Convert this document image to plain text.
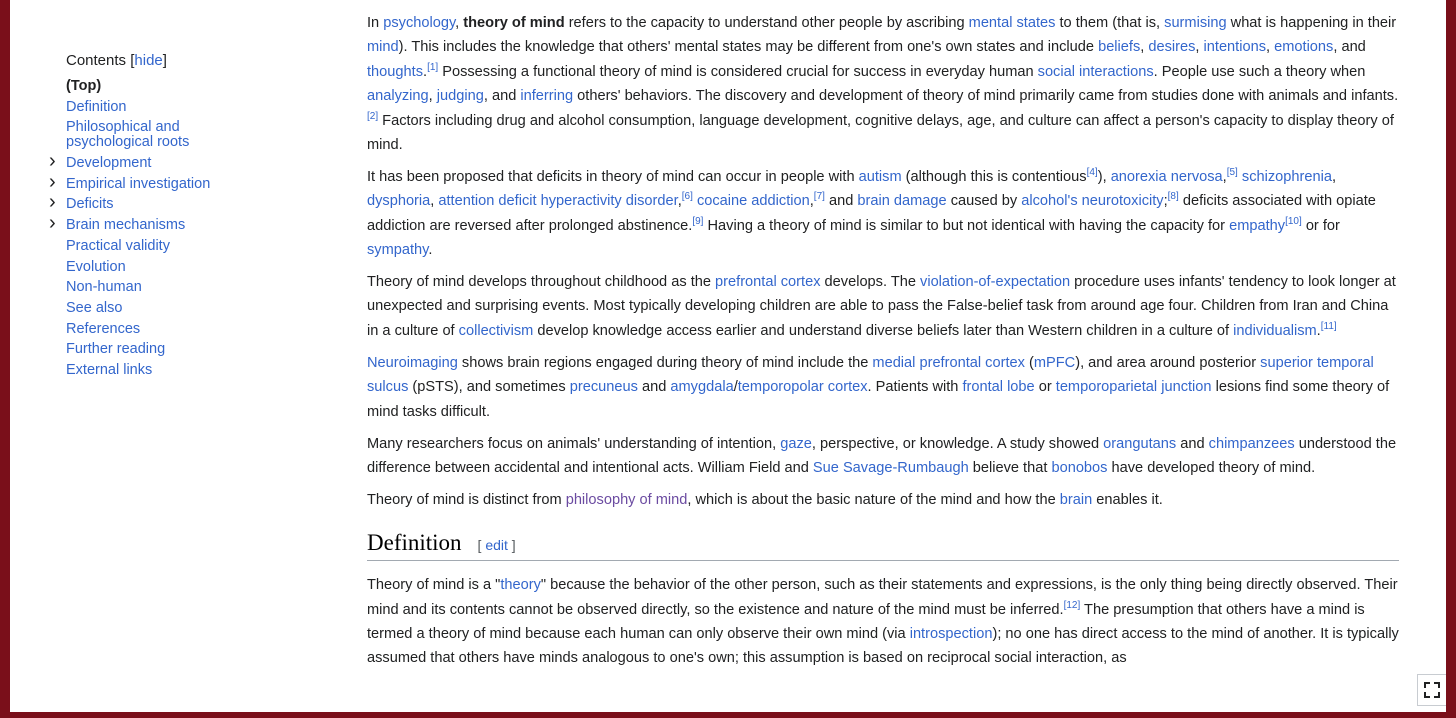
Contents [hide]
(Top)
Definition
Philosophical and psychological roots
› Development
› Empirical investigation
› Deficits
› Brain mechanisms
Practical validity
Evolution
Non-human
See also
References
Further reading
External links

In psychology, theory of mind refers to the capacity to understand other people by ascribing mental states to them (that is, surmising what is happening in their mind). This includes the knowledge that others' mental states may be different from one's own states and include beliefs, desires, intentions, emotions, and thoughts.[1] Possessing a functional theory of mind is considered crucial for success in everyday human social interactions. People use such a theory when analyzing, judging, and inferring others' behaviors. The discovery and development of theory of mind primarily came from studies done with animals and infants.[2] Factors including drug and alcohol consumption, language development, cognitive delays, age, and culture can affect a person's capacity to display theory of mind.

It has been proposed that deficits in theory of mind can occur in people with autism (although this is contentious[4]), anorexia nervosa,[5] schizophrenia, dysphoria, attention deficit hyperactivity disorder,[6] cocaine addiction,[7] and brain damage caused by alcohol's neurotoxicity;[8] deficits associated with opiate addiction are reversed after prolonged abstinence.[9] Having a theory of mind is similar to but not identical with having the capacity for empathy[10] or for sympathy.

Theory of mind develops throughout childhood as the prefrontal cortex develops. The violation-of-expectation procedure uses infants' tendency to look longer at unexpected and surprising events. Most typically developing children are able to pass the False-belief task from around age four. Children from Iran and China in a culture of collectivism develop knowledge access earlier and understand diverse beliefs later than Western children in a culture of individualism.[11]

Neuroimaging shows brain regions engaged during theory of mind include the medial prefrontal cortex (mPFC), and area around posterior superior temporal sulcus (pSTS), and sometimes precuneus and amygdala/temporopolar cortex. Patients with frontal lobe or temporoparietal junction lesions find some theory of mind tasks difficult.

Many researchers focus on animals' understanding of intention, gaze, perspective, or knowledge. A study showed orangutans and chimpanzees understood the difference between accidental and intentional acts. William Field and Sue Savage-Rumbaugh believe that bonobos have developed theory of mind.

Theory of mind is distinct from philosophy of mind, which is about the basic nature of the mind and how the brain enables it.

Definition [ edit ]

Theory of mind is a "theory" because the behavior of the other person, such as their statements and expressions, is the only thing being directly observed. Their mind and its contents cannot be observed directly, so the existence and nature of the mind must be inferred.[12] The presumption that others have a mind is termed a theory of mind because each human can only observe their own mind (via introspection); no one has direct access to the mind of another. It is typically assumed that others have minds analogous to one's own; this assumption is based on reciprocal social interaction, as
